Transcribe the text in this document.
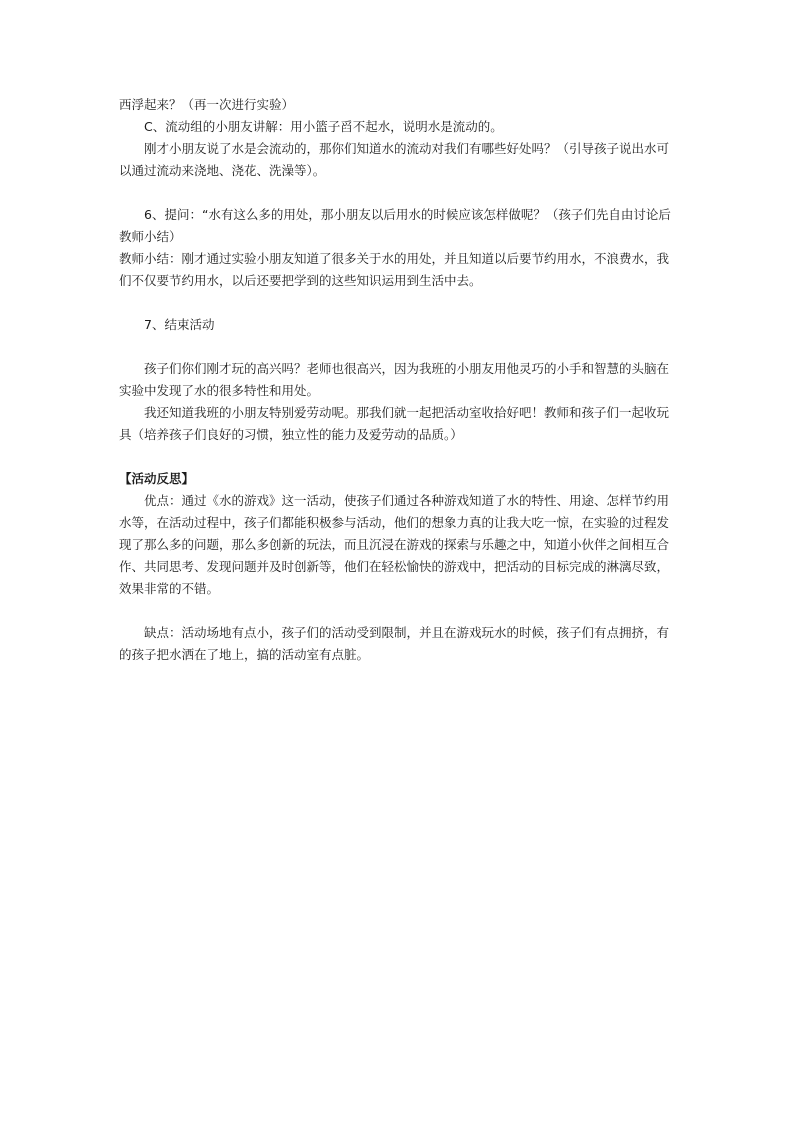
西浮起来？（再一次进行实验）

C、流动组的小朋友讲解：用小篮子舀不起水，说明水是流动的。

刚才小朋友说了水是会流动的，那你们知道水的流动对我们有哪些好处吗？（引导孩子说出水可以通过流动来浇地、浇花、洗澡等）。

6、提问：“水有这么多的用处，那小朋友以后用水的时候应该怎样做呢？（孩子们先自由讨论后教师小结）

教师小结：刚才通过实验小朋友知道了很多关于水的用处，并且知道以后要节约用水，不浪费水，我们不仅要节约用水，以后还要把学到的这些知识运用到生活中去。

7、结束活动

孩子们你们刚才玩的高兴吗？老师也很高兴，因为我班的小朋友用他灵巧的小手和智慧的头脑在实验中发现了水的很多特性和用处。

我还知道我班的小朋友特别爱劳动呢。那我们就一起把活动室收拾好吧！教师和孩子们一起收玩具（培养孩子们良好的习惯，独立性的能力及爱劳动的品质。）

【活动反思】

优点：通过《水的游戏》这一活动，使孩子们通过各种游戏知道了水的特性、用途、怎样节约用水等，在活动过程中，孩子们都能积极参与活动，他们的想象力真的让我大吃一惊，在实验的过程发现了那么多的问题，那么多创新的玩法，而且沉浸在游戏的探索与乐趣之中，知道小伙伴之间相互合作、共同思考、发现问题并及时创新等，他们在轻松愉快的游戏中，把活动的目标完成的淋漓尽致，效果非常的不错。

缺点：活动场地有点小，孩子们的活动受到限制，并且在游戏玩水的时候，孩子们有点拥挤，有的孩子把水洒在了地上，搞的活动室有点脏。
